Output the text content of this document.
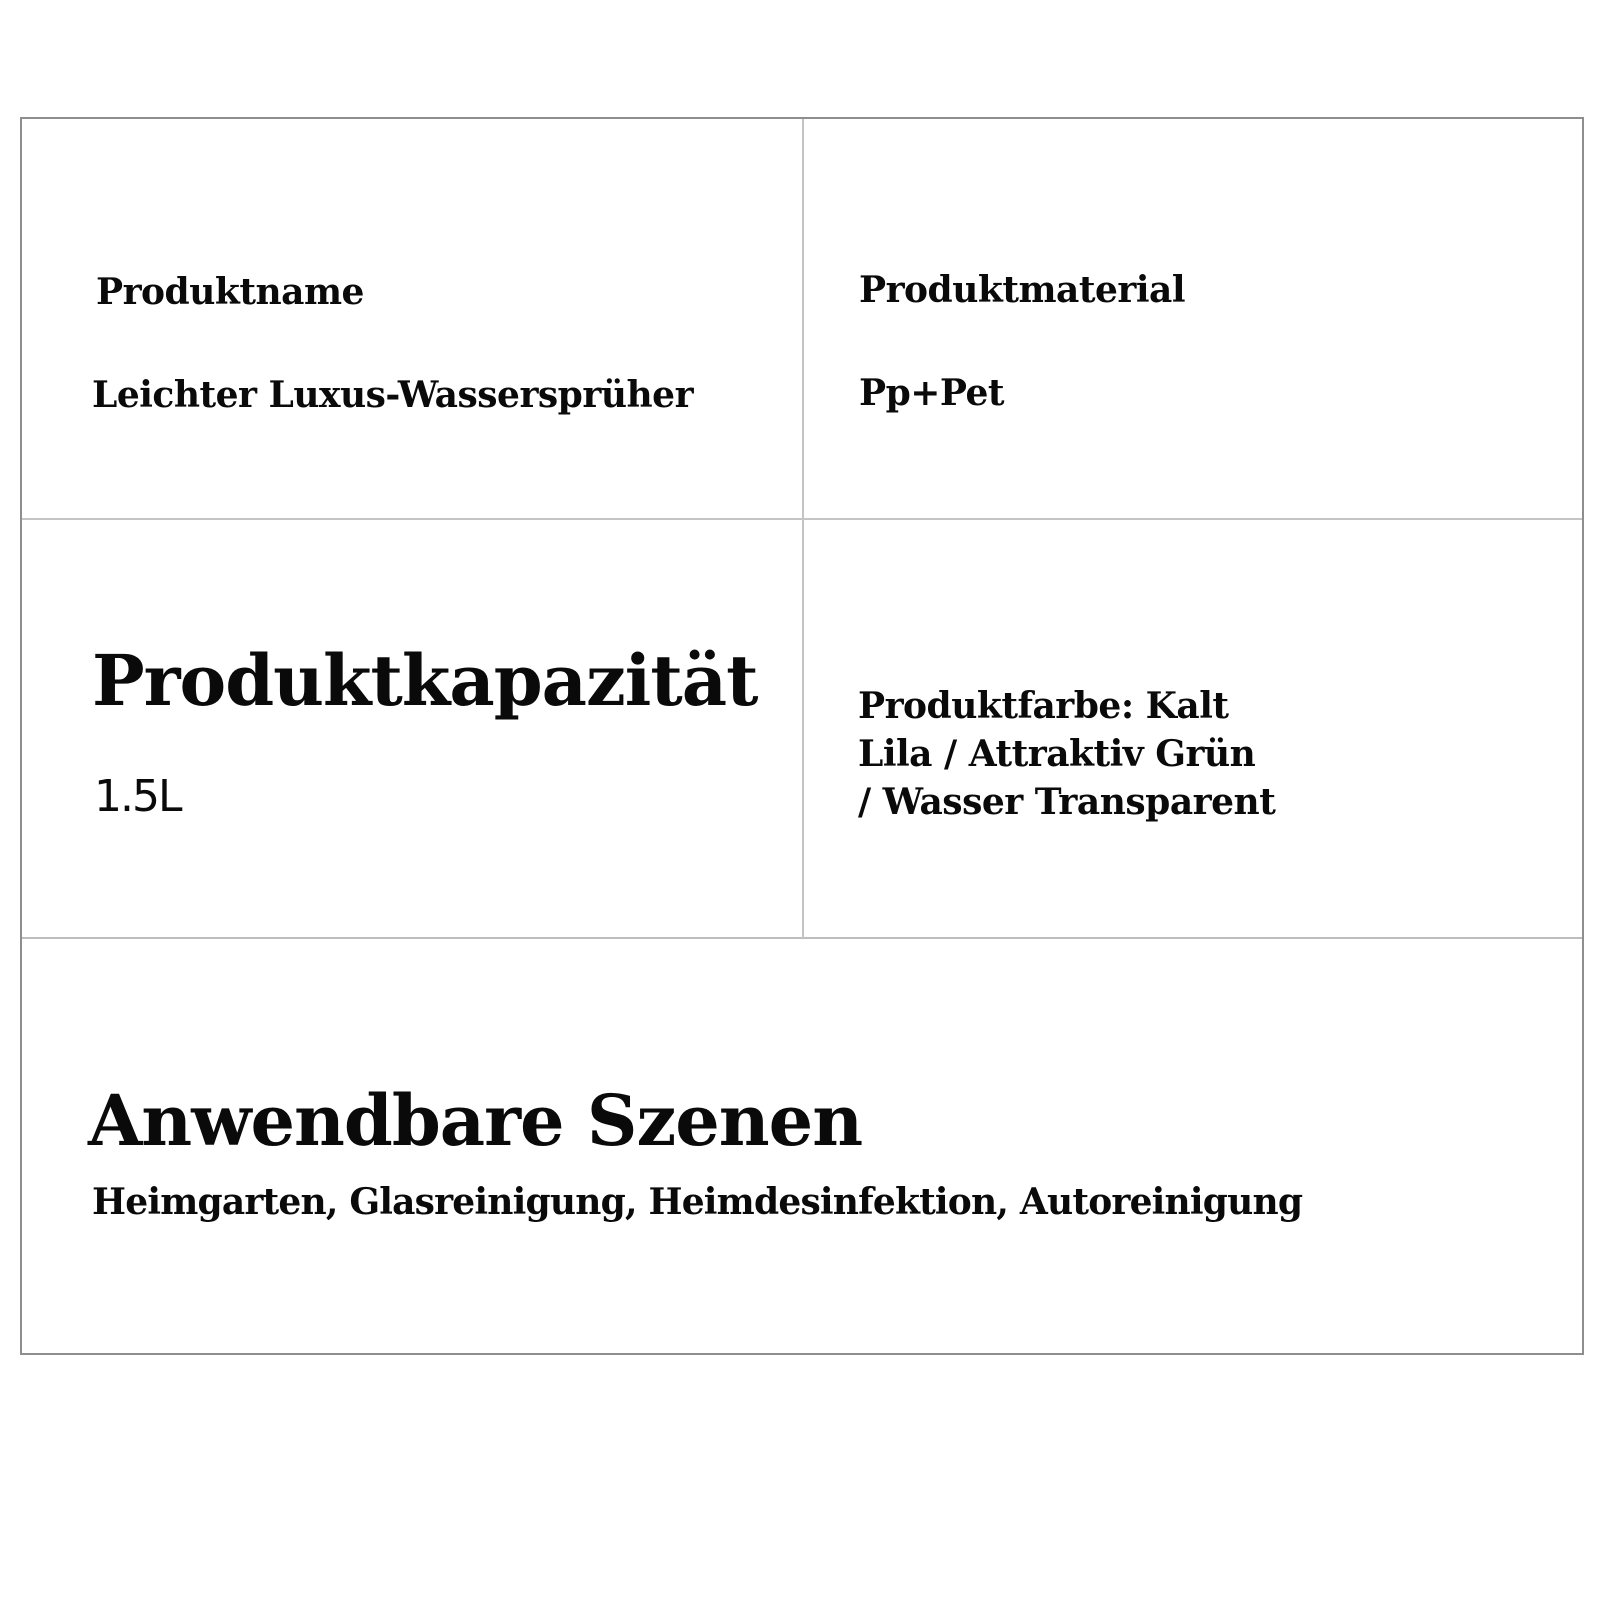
Produktname
Leichter Luxus-Wassersprüher
Produktmaterial
Pp+Pet
Produktkapazität
1.5L
Produktfarbe: Kalt
Lila / Attraktiv Grün
/ Wasser Transparent
Anwendbare Szenen
Heimgarten, Glasreinigung, Heimdesinfektion, Autoreinigung
